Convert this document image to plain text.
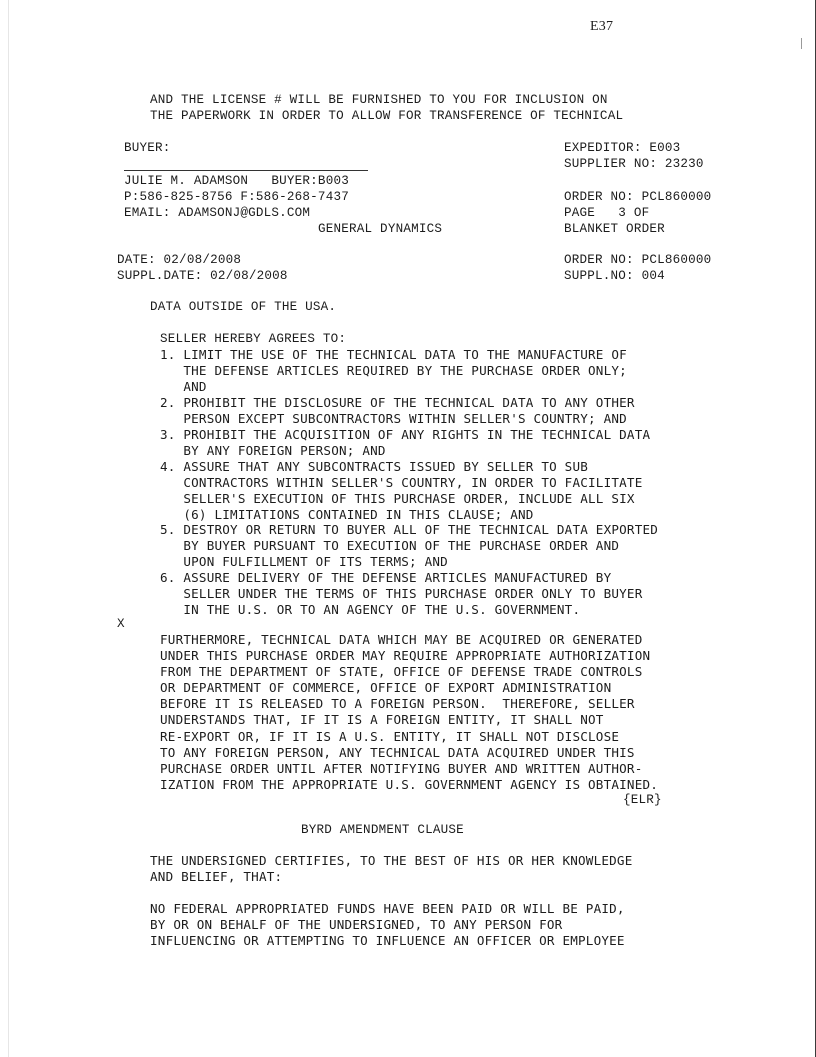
E37
AND THE LICENSE # WILL BE FURNISHED TO YOU FOR INCLUSION ON
THE PAPERWORK IN ORDER TO ALLOW FOR TRANSFERENCE OF TECHNICAL
BUYER:	EXPEDITOR: E003
SUPPLIER NO: 23230
JULIE M. ADAMSON   BUYER:B003
P:586-825-8756 F:586-268-7437	ORDER NO: PCL860000
EMAIL: ADAMSONJ@GDLS.COM	PAGE   3 OF
GENERAL DYNAMICS	BLANKET ORDER
DATE: 02/08/2008	ORDER NO: PCL860000
SUPPL.DATE: 02/08/2008	SUPPL.NO: 004
DATA OUTSIDE OF THE USA.
SELLER HEREBY AGREES TO:
1. LIMIT THE USE OF THE TECHNICAL DATA TO THE MANUFACTURE OF
THE DEFENSE ARTICLES REQUIRED BY THE PURCHASE ORDER ONLY;
AND
2. PROHIBIT THE DISCLOSURE OF THE TECHNICAL DATA TO ANY OTHER
PERSON EXCEPT SUBCONTRACTORS WITHIN SELLER'S COUNTRY; AND
3. PROHIBIT THE ACQUISITION OF ANY RIGHTS IN THE TECHNICAL DATA
BY ANY FOREIGN PERSON; AND
4. ASSURE THAT ANY SUBCONTRACTS ISSUED BY SELLER TO SUB
CONTRACTORS WITHIN SELLER'S COUNTRY, IN ORDER TO FACILITATE
SELLER'S EXECUTION OF THIS PURCHASE ORDER, INCLUDE ALL SIX
(6) LIMITATIONS CONTAINED IN THIS CLAUSE; AND
5. DESTROY OR RETURN TO BUYER ALL OF THE TECHNICAL DATA EXPORTED
BY BUYER PURSUANT TO EXECUTION OF THE PURCHASE ORDER AND
UPON FULFILLMENT OF ITS TERMS; AND
6. ASSURE DELIVERY OF THE DEFENSE ARTICLES MANUFACTURED BY
SELLER UNDER THE TERMS OF THIS PURCHASE ORDER ONLY TO BUYER
IN THE U.S. OR TO AN AGENCY OF THE U.S. GOVERNMENT.
X
FURTHERMORE, TECHNICAL DATA WHICH MAY BE ACQUIRED OR GENERATED
UNDER THIS PURCHASE ORDER MAY REQUIRE APPROPRIATE AUTHORIZATION
FROM THE DEPARTMENT OF STATE, OFFICE OF DEFENSE TRADE CONTROLS
OR DEPARTMENT OF COMMERCE, OFFICE OF EXPORT ADMINISTRATION
BEFORE IT IS RELEASED TO A FOREIGN PERSON.  THEREFORE, SELLER
UNDERSTANDS THAT, IF IT IS A FOREIGN ENTITY, IT SHALL NOT
RE-EXPORT OR, IF IT IS A U.S. ENTITY, IT SHALL NOT DISCLOSE
TO ANY FOREIGN PERSON, ANY TECHNICAL DATA ACQUIRED UNDER THIS
PURCHASE ORDER UNTIL AFTER NOTIFYING BUYER AND WRITTEN AUTHOR-
IZATION FROM THE APPROPRIATE U.S. GOVERNMENT AGENCY IS OBTAINED.
{ELR}
BYRD AMENDMENT CLAUSE
THE UNDERSIGNED CERTIFIES, TO THE BEST OF HIS OR HER KNOWLEDGE
AND BELIEF, THAT:
NO FEDERAL APPROPRIATED FUNDS HAVE BEEN PAID OR WILL BE PAID,
BY OR ON BEHALF OF THE UNDERSIGNED, TO ANY PERSON FOR
INFLUENCING OR ATTEMPTING TO INFLUENCE AN OFFICER OR EMPLOYEE
